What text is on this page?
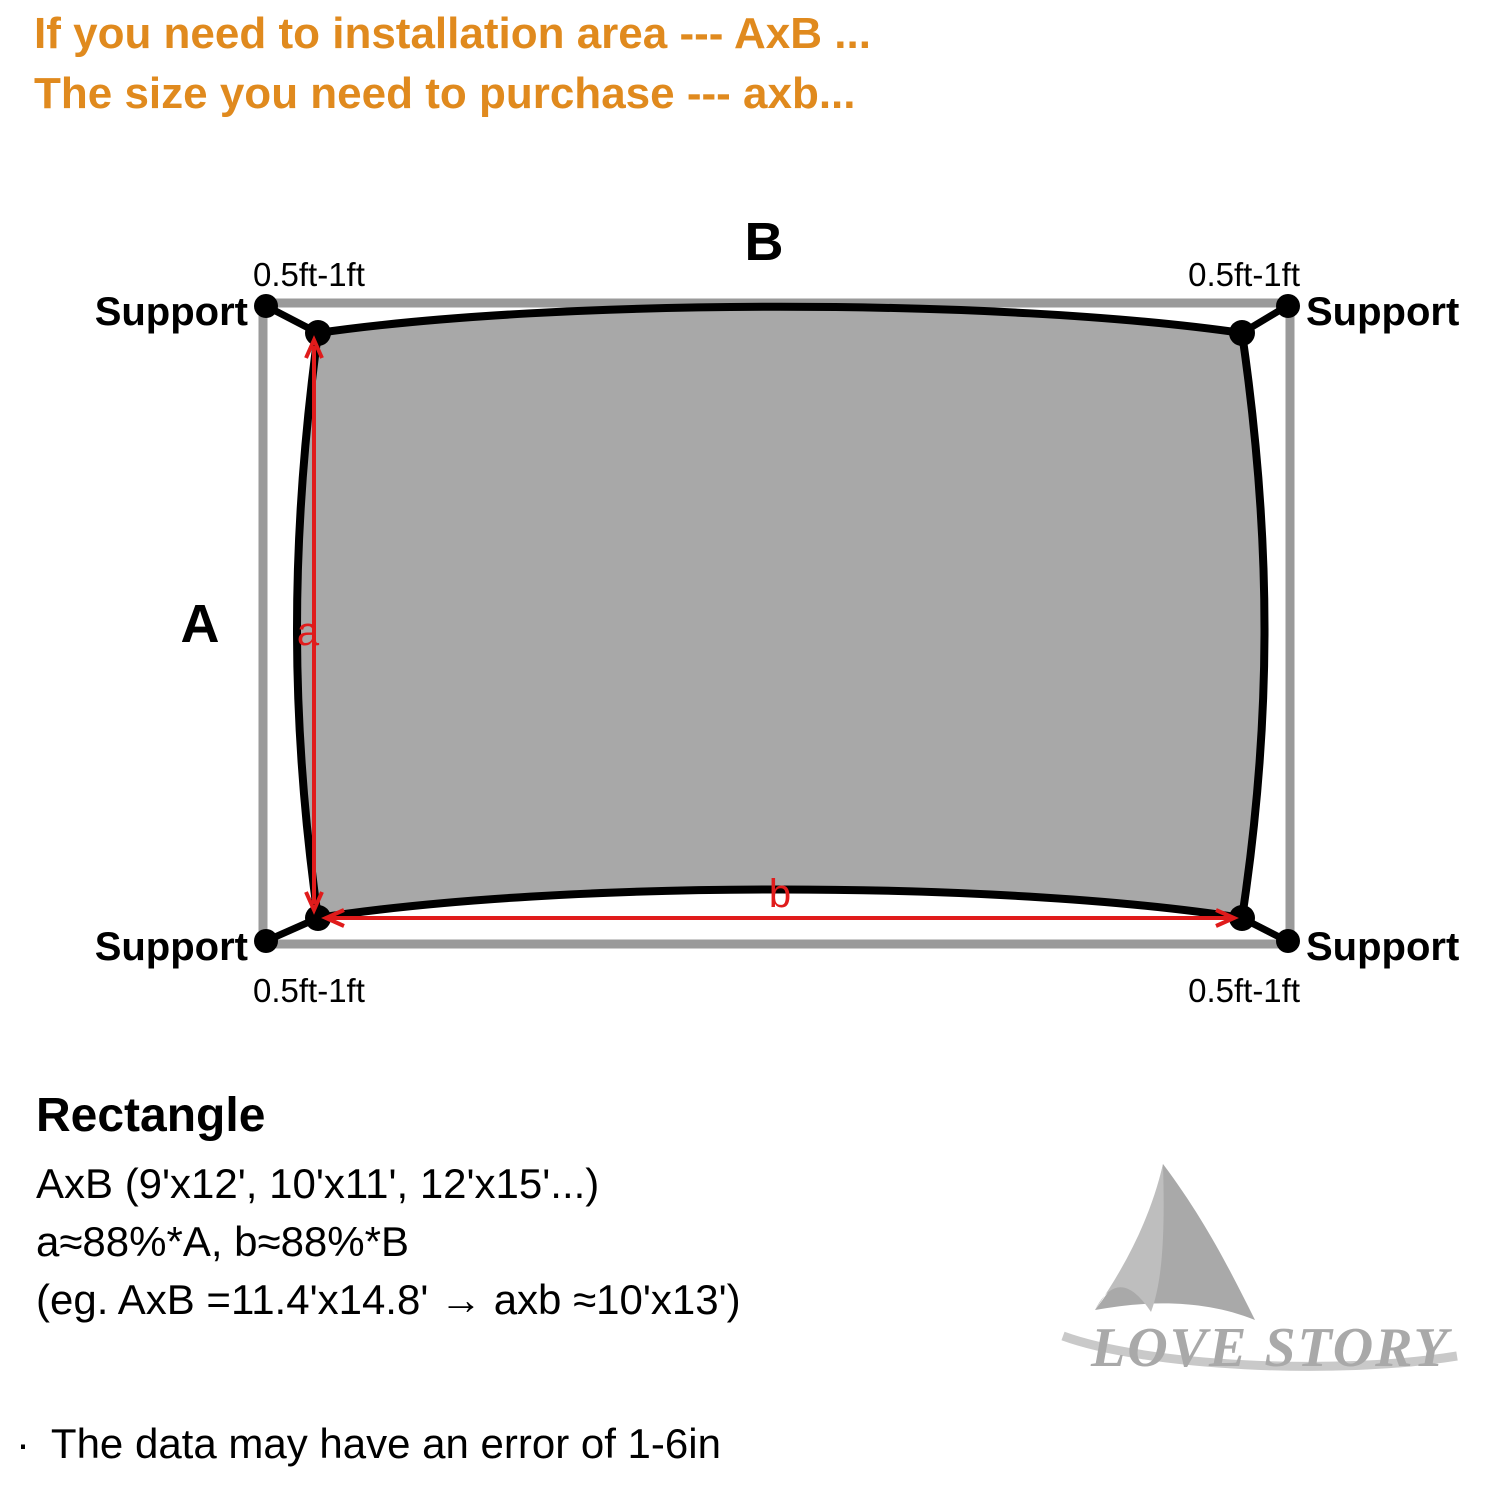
If you need to installation area --- AxB ...
The size you need to purchase --- axb...
B
A a
b
0.5ft-1ft	0.5ft-1ft
0.5ft-1ft	0.5ft-1ft
Support	Support
Support	Support
Rectangle
AxB (9'x12', 10'x11', 12'x15'...)
a≈88%*A, b≈88%*B
(eg. AxB =11.4'x14.8' → axb ≈10'x13')
LOVE STORY
· The data may have an error of 1-6in
